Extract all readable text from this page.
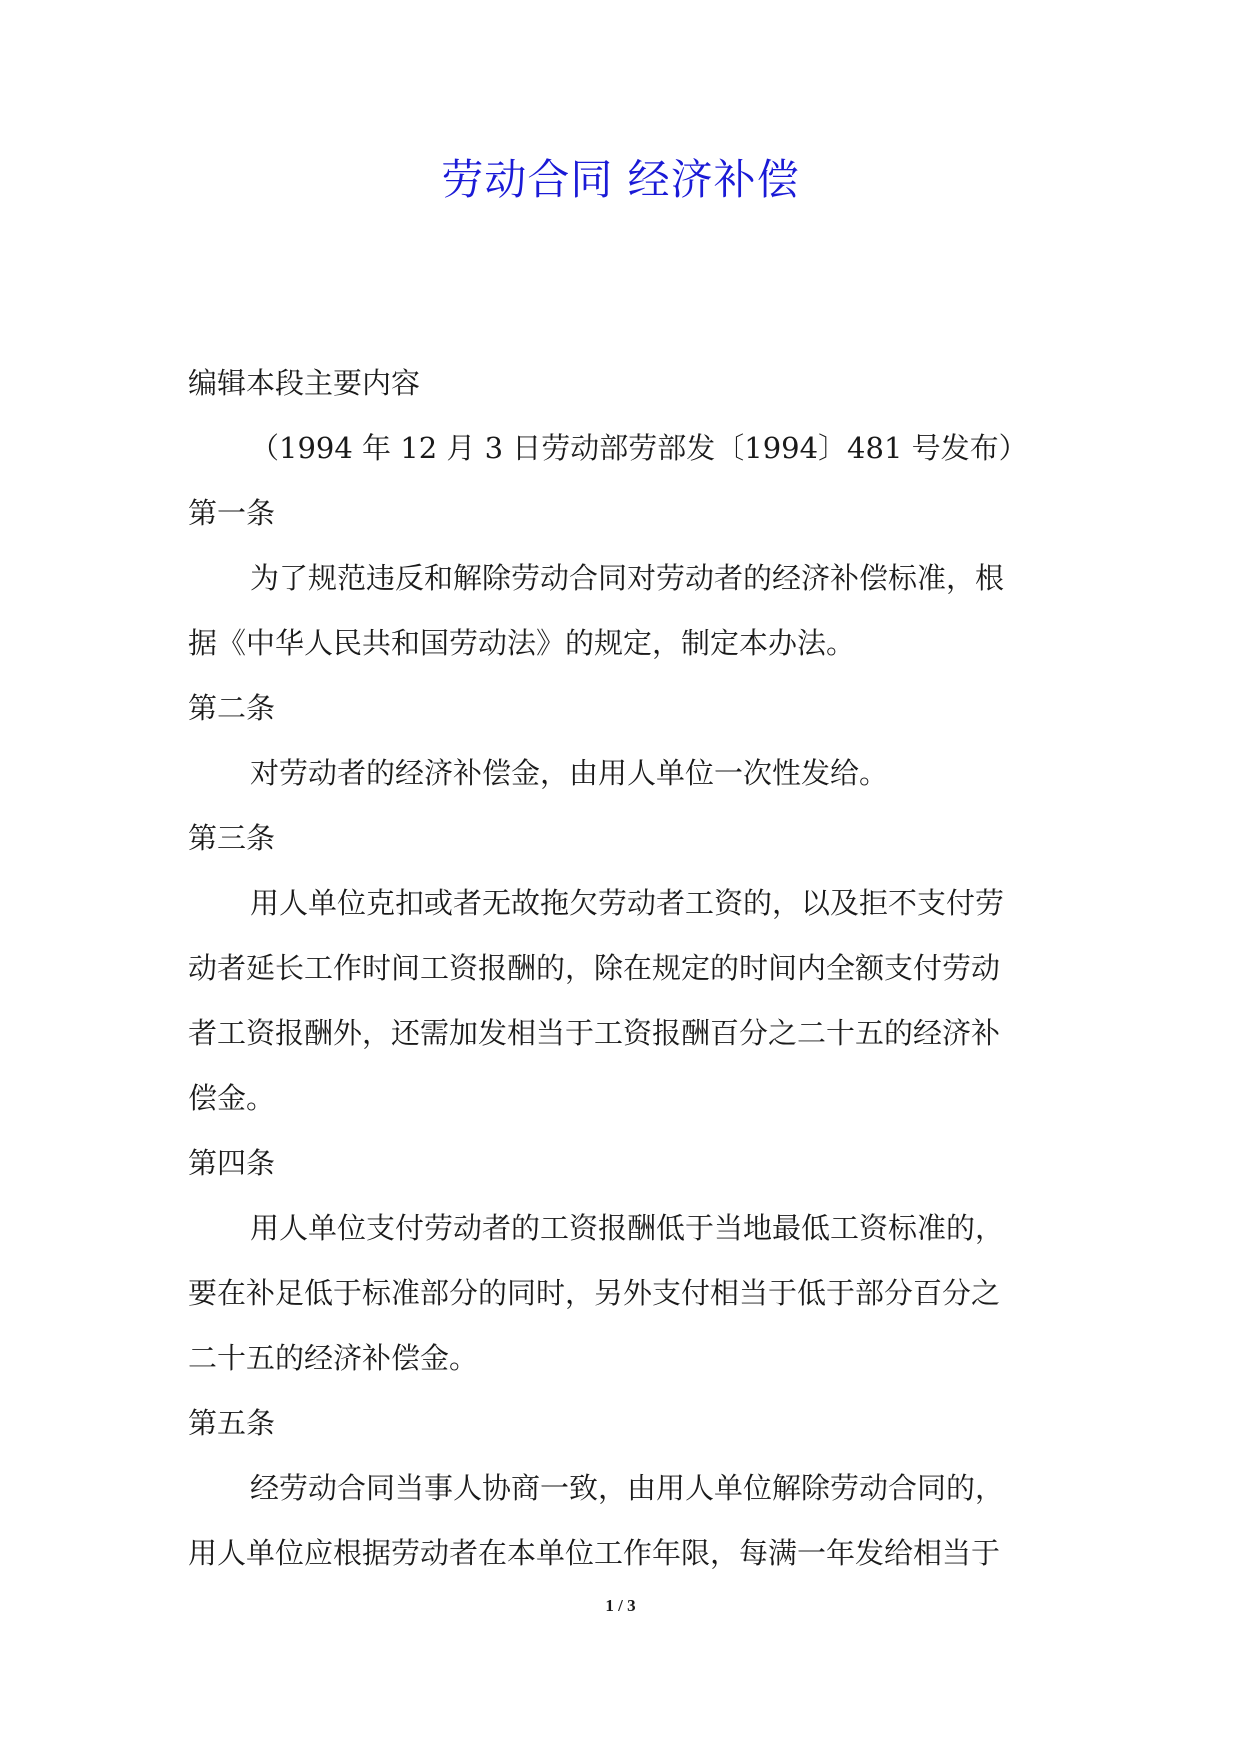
劳动合同 经济补偿
编辑本段主要内容
（1994 年 12 月 3 日劳动部劳部发〔1994〕481 号发布）
第一条
为了规范违反和解除劳动合同对劳动者的经济补偿标准，根
据《中华人民共和国劳动法》的规定，制定本办法。
第二条
对劳动者的经济补偿金，由用人单位一次性发给。
第三条
用人单位克扣或者无故拖欠劳动者工资的，以及拒不支付劳
动者延长工作时间工资报酬的，除在规定的时间内全额支付劳动
者工资报酬外，还需加发相当于工资报酬百分之二十五的经济补
偿金。
第四条
用人单位支付劳动者的工资报酬低于当地最低工资标准的，
要在补足低于标准部分的同时，另外支付相当于低于部分百分之
二十五的经济补偿金。
第五条
经劳动合同当事人协商一致，由用人单位解除劳动合同的，
用人单位应根据劳动者在本单位工作年限，每满一年发给相当于
1 / 3
